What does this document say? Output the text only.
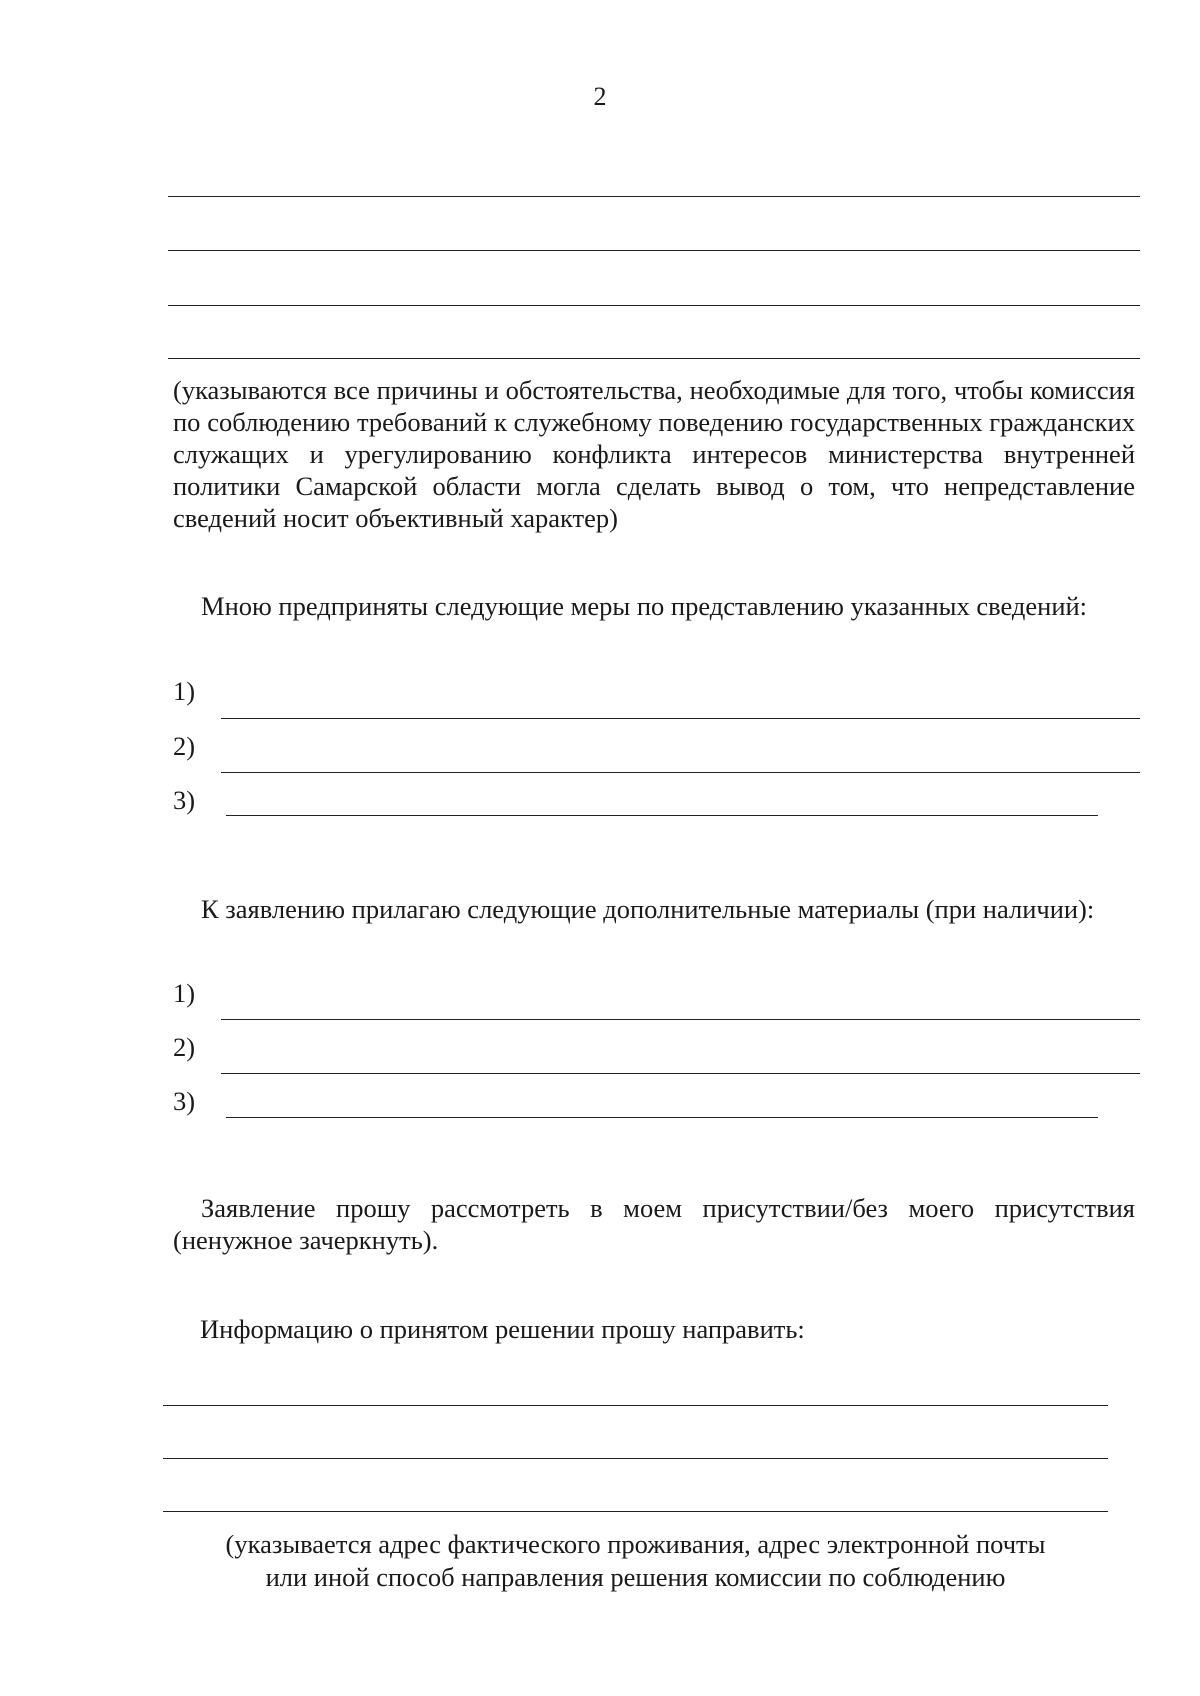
2
(указываются все причины и обстоятельства, необходимые для того, чтобы комиссия по соблюдению требований к служебному поведению государственных гражданских служащих и урегулированию конфликта интересов министерства внутренней политики Самарской области могла сделать вывод о том, что непредставление сведений носит объективный характер)
Мною предприняты следующие меры по представлению указанных сведений:
1)
2)
3)
К заявлению прилагаю следующие дополнительные материалы (при наличии):
1)
2)
3)
Заявление прошу рассмотреть в моем присутствии/без моего присутствия (ненужное зачеркнуть).
Информацию о принятом решении прошу направить:
(указывается адрес фактического проживания, адрес электронной почты
или иной способ направления решения комиссии по соблюдению
